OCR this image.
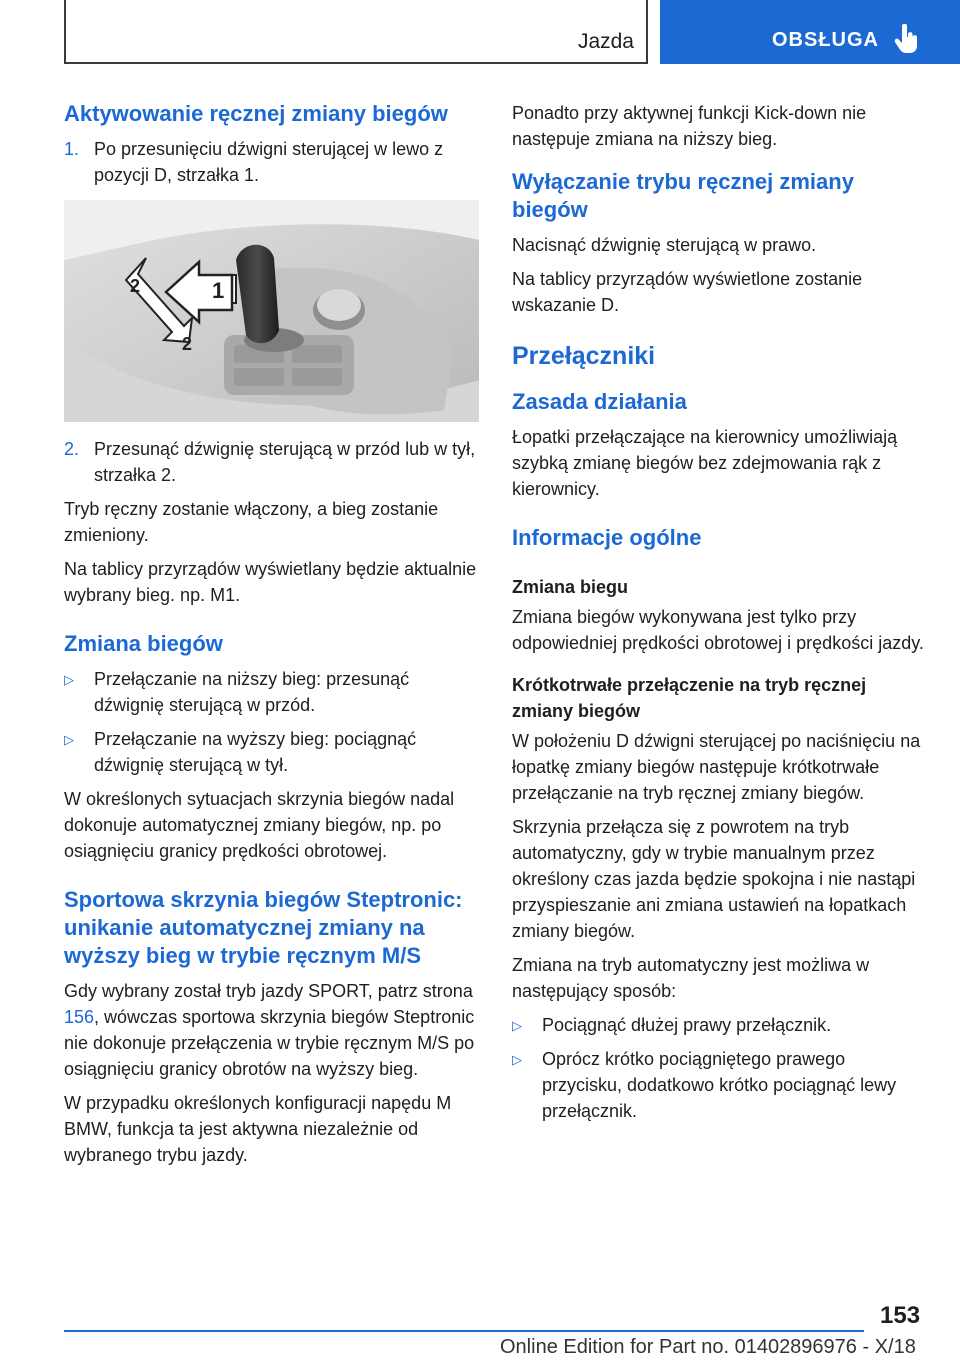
Jazda	OBSŁUGA
Aktywowanie ręcznej zmiany biegów
1. Po przesunięciu dźwigni sterującej w lewo z pozycji D, strzałka 1.
1
2
2
2. Przesunąć dźwignię sterującą w przód lub w tył, strzałka 2.

Tryb ręczny zostanie włączony, a bieg zostanie zmieniony.

Na tablicy przyrządów wyświetlany będzie aktualnie wybrany bieg. np. M1.

Zmiana biegów
▷ Przełączanie na niższy bieg: przesunąć dźwignię sterującą w przód.
▷ Przełączanie na wyższy bieg: pociągnąć dźwignię sterującą w tył.

W określonych sytuacjach skrzynia biegów nadal dokonuje automatycznej zmiany biegów, np. po osiągnięciu granicy prędkości obrotowej.

Sportowa skrzynia biegów Steptronic: unikanie automatycznej zmiany na wyższy bieg w trybie ręcznym M/S

Gdy wybrany został tryb jazdy SPORT, patrz strona 156, wówczas sportowa skrzynia biegów Steptronic nie dokonuje przełączenia w trybie ręcznym M/S po osiągnięciu granicy obrotów na wyższy bieg.

W przypadku określonych konfiguracji napędu M BMW, funkcja ta jest aktywna niezależnie od wybranego trybu jazdy.

Ponadto przy aktywnej funkcji Kick-down nie następuje zmiana na niższy bieg.

Wyłączanie trybu ręcznej zmiany biegów

Nacisnąć dźwignię sterującą w prawo.

Na tablicy przyrządów wyświetlone zostanie wskazanie D.

Przełączniki
Zasada działania

Łopatki przełączające na kierownicy umożliwiają szybką zmianę biegów bez zdejmowania rąk z kierownicy.

Informacje ogólne
Zmiana biegu

Zmiana biegów wykonywana jest tylko przy odpowiedniej prędkości obrotowej i prędkości jazdy.

Krótkotrwałe przełączenie na tryb ręcznej zmiany biegów

W położeniu D dźwigni sterującej po naciśnięciu na łopatkę zmiany biegów następuje krótkotrwałe przełączanie na tryb ręcznej zmiany biegów.

Skrzynia przełącza się z powrotem na tryb automatyczny, gdy w trybie manualnym przez określony czas jazda będzie spokojna i nie nastąpi przyspieszanie ani zmiana ustawień na łopatkach zmiany biegów.

Zmiana na tryb automatyczny jest możliwa w następujący sposób:

▷ Pociągnąć dłużej prawy przełącznik.
▷ Oprócz krótko pociągniętego prawego przycisku, dodatkowo krótko pociągnąć lewy przełącznik.
153
Online Edition for Part no. 01402896976 - X/18
